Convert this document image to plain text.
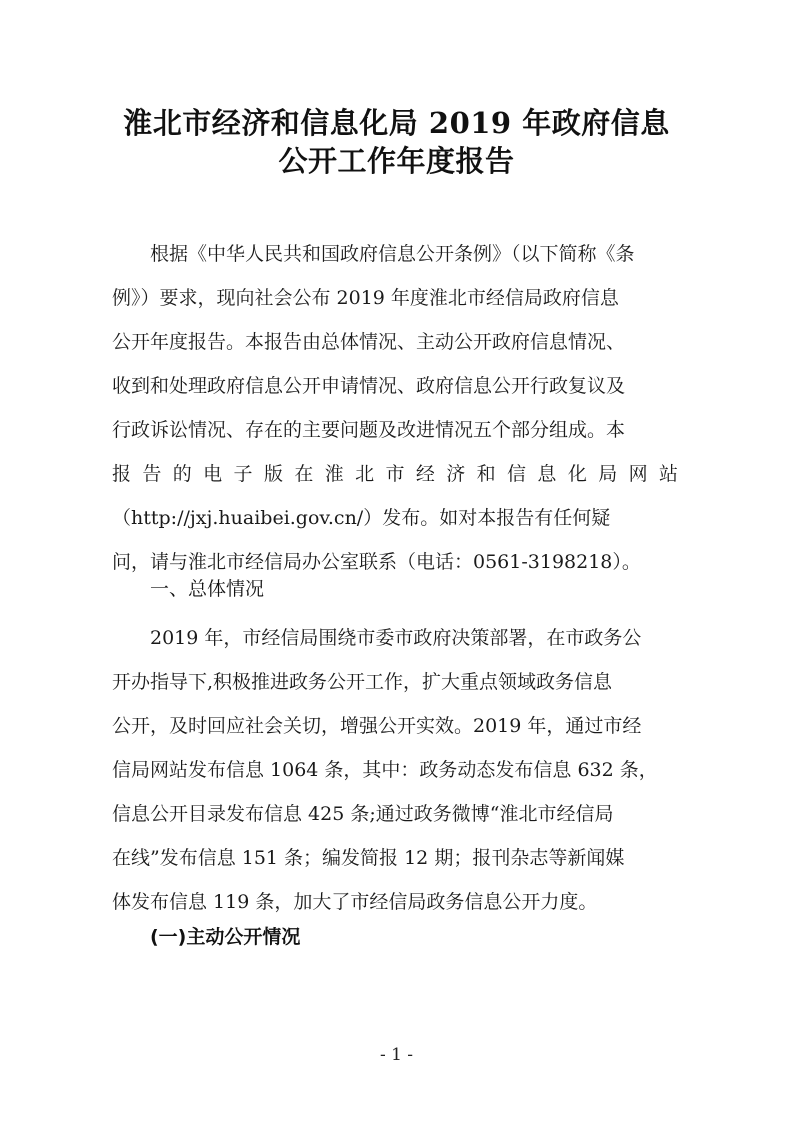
淮北市经济和信息化局 2019 年政府信息
公开工作年度报告
根据《中华人民共和国政府信息公开条例》（以下简称《条
例》）要求，现向社会公布 2019 年度淮北市经信局政府信息
公开年度报告。本报告由总体情况、主动公开政府信息情况、
收到和处理政府信息公开申请情况、政府信息公开行政复议及
行政诉讼情况、存在的主要问题及改进情况五个部分组成。本
报告的电子版在淮北市经济和信息化局网站
（http://jxj.huaibei.gov.cn/）发布。如对本报告有任何疑
问，请与淮北市经信局办公室联系（电话：0561-3198218）。
一、总体情况
2019 年，市经信局围绕市委市政府决策部署，在市政务公
开办指导下,积极推进政务公开工作，扩大重点领域政务信息
公开，及时回应社会关切，增强公开实效。2019 年，通过市经
信局网站发布信息 1064 条，其中：政务动态发布信息 632 条，
信息公开目录发布信息 425 条;通过政务微博“淮北市经信局
在线”发布信息 151 条；编发简报 12 期；报刊杂志等新闻媒
体发布信息 119 条，加大了市经信局政务信息公开力度。
(一)主动公开情况
- 1 -
